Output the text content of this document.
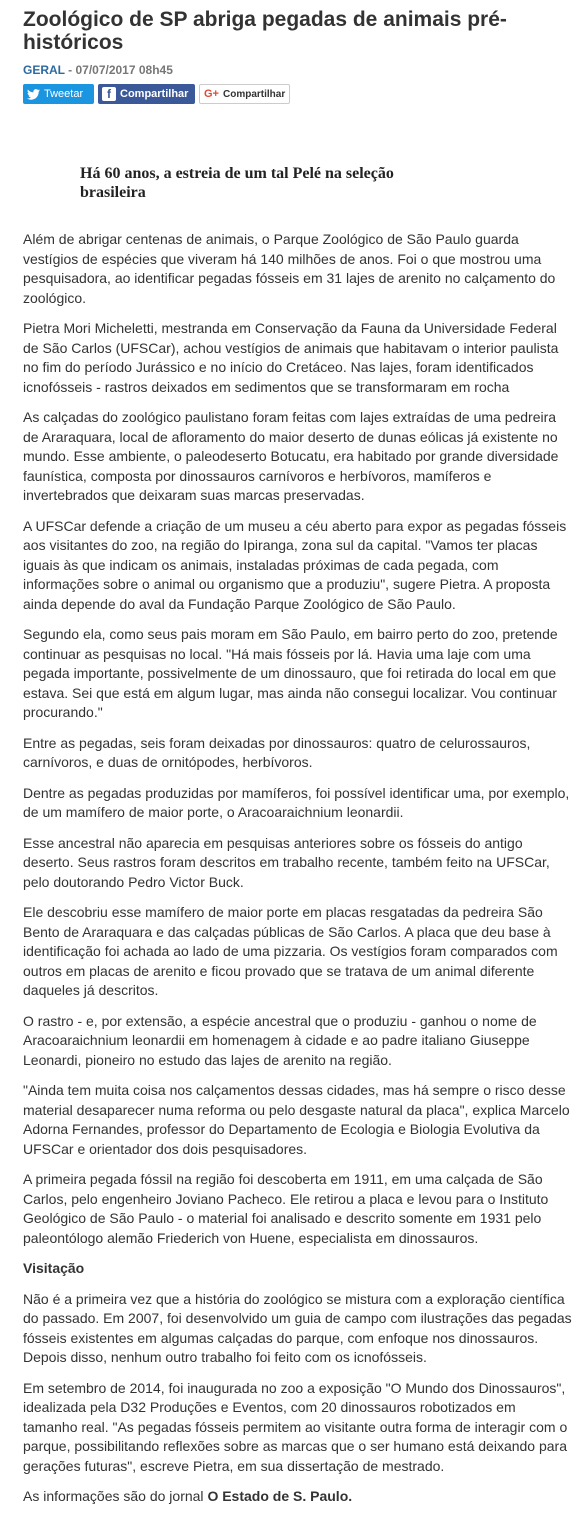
Zoológico de SP abriga pegadas de animais pré-históricos
GERAL - 07/07/2017 08h45
Tweetar	f Compartilhar G+ Compartilhar
Há 60 anos, a estreia de um tal Pelé na seleção brasileira

Além de abrigar centenas de animais, o Parque Zoológico de São Paulo guarda vestígios de espécies que viveram há 140 milhões de anos. Foi o que mostrou uma pesquisadora, ao identificar pegadas fósseis em 31 lajes de arenito no calçamento do zoológico.

Pietra Mori Micheletti, mestranda em Conservação da Fauna da Universidade Federal de São Carlos (UFSCar), achou vestígios de animais que habitavam o interior paulista no fim do período Jurássico e no início do Cretáceo. Nas lajes, foram identificados icnofósseis - rastros deixados em sedimentos que se transformaram em rocha

As calçadas do zoológico paulistano foram feitas com lajes extraídas de uma pedreira de Araraquara, local de afloramento do maior deserto de dunas eólicas já existente no mundo. Esse ambiente, o paleodeserto Botucatu, era habitado por grande diversidade faunística, composta por dinossauros carnívoros e herbívoros, mamíferos e invertebrados que deixaram suas marcas preservadas.

A UFSCar defende a criação de um museu a céu aberto para expor as pegadas fósseis aos visitantes do zoo, na região do Ipiranga, zona sul da capital. "Vamos ter placas iguais às que indicam os animais, instaladas próximas de cada pegada, com informações sobre o animal ou organismo que a produziu", sugere Pietra. A proposta ainda depende do aval da Fundação Parque Zoológico de São Paulo.

Segundo ela, como seus pais moram em São Paulo, em bairro perto do zoo, pretende continuar as pesquisas no local. "Há mais fósseis por lá. Havia uma laje com uma pegada importante, possivelmente de um dinossauro, que foi retirada do local em que estava. Sei que está em algum lugar, mas ainda não consegui localizar. Vou continuar procurando."

Entre as pegadas, seis foram deixadas por dinossauros: quatro de celurossauros, carnívoros, e duas de ornitópodes, herbívoros.

Dentre as pegadas produzidas por mamíferos, foi possível identificar uma, por exemplo, de um mamífero de maior porte, o Aracoaraichnium leonardii.

Esse ancestral não aparecia em pesquisas anteriores sobre os fósseis do antigo deserto. Seus rastros foram descritos em trabalho recente, também feito na UFSCar, pelo doutorando Pedro Victor Buck.

Ele descobriu esse mamífero de maior porte em placas resgatadas da pedreira São Bento de Araraquara e das calçadas públicas de São Carlos. A placa que deu base à identificação foi achada ao lado de uma pizzaria. Os vestígios foram comparados com outros em placas de arenito e ficou provado que se tratava de um animal diferente daqueles já descritos.

O rastro - e, por extensão, a espécie ancestral que o produziu - ganhou o nome de Aracoaraichnium leonardii em homenagem à cidade e ao padre italiano Giuseppe Leonardi, pioneiro no estudo das lajes de arenito na região.

"Ainda tem muita coisa nos calçamentos dessas cidades, mas há sempre o risco desse material desaparecer numa reforma ou pelo desgaste natural da placa", explica Marcelo Adorna Fernandes, professor do Departamento de Ecologia e Biologia Evolutiva da UFSCar e orientador dos dois pesquisadores.

A primeira pegada fóssil na região foi descoberta em 1911, em uma calçada de São Carlos, pelo engenheiro Joviano Pacheco. Ele retirou a placa e levou para o Instituto Geológico de São Paulo - o material foi analisado e descrito somente em 1931 pelo paleontólogo alemão Friederich von Huene, especialista em dinossauros.

Visitação

Não é a primeira vez que a história do zoológico se mistura com a exploração científica do passado. Em 2007, foi desenvolvido um guia de campo com ilustrações das pegadas fósseis existentes em algumas calçadas do parque, com enfoque nos dinossauros. Depois disso, nenhum outro trabalho foi feito com os icnofósseis.

Em setembro de 2014, foi inaugurada no zoo a exposição "O Mundo dos Dinossauros", idealizada pela D32 Produções e Eventos, com 20 dinossauros robotizados em tamanho real. "As pegadas fósseis permitem ao visitante outra forma de interagir com o parque, possibilitando reflexões sobre as marcas que o ser humano está deixando para gerações futuras", escreve Pietra, em sua dissertação de mestrado.

As informações são do jornal O Estado de S. Paulo.
